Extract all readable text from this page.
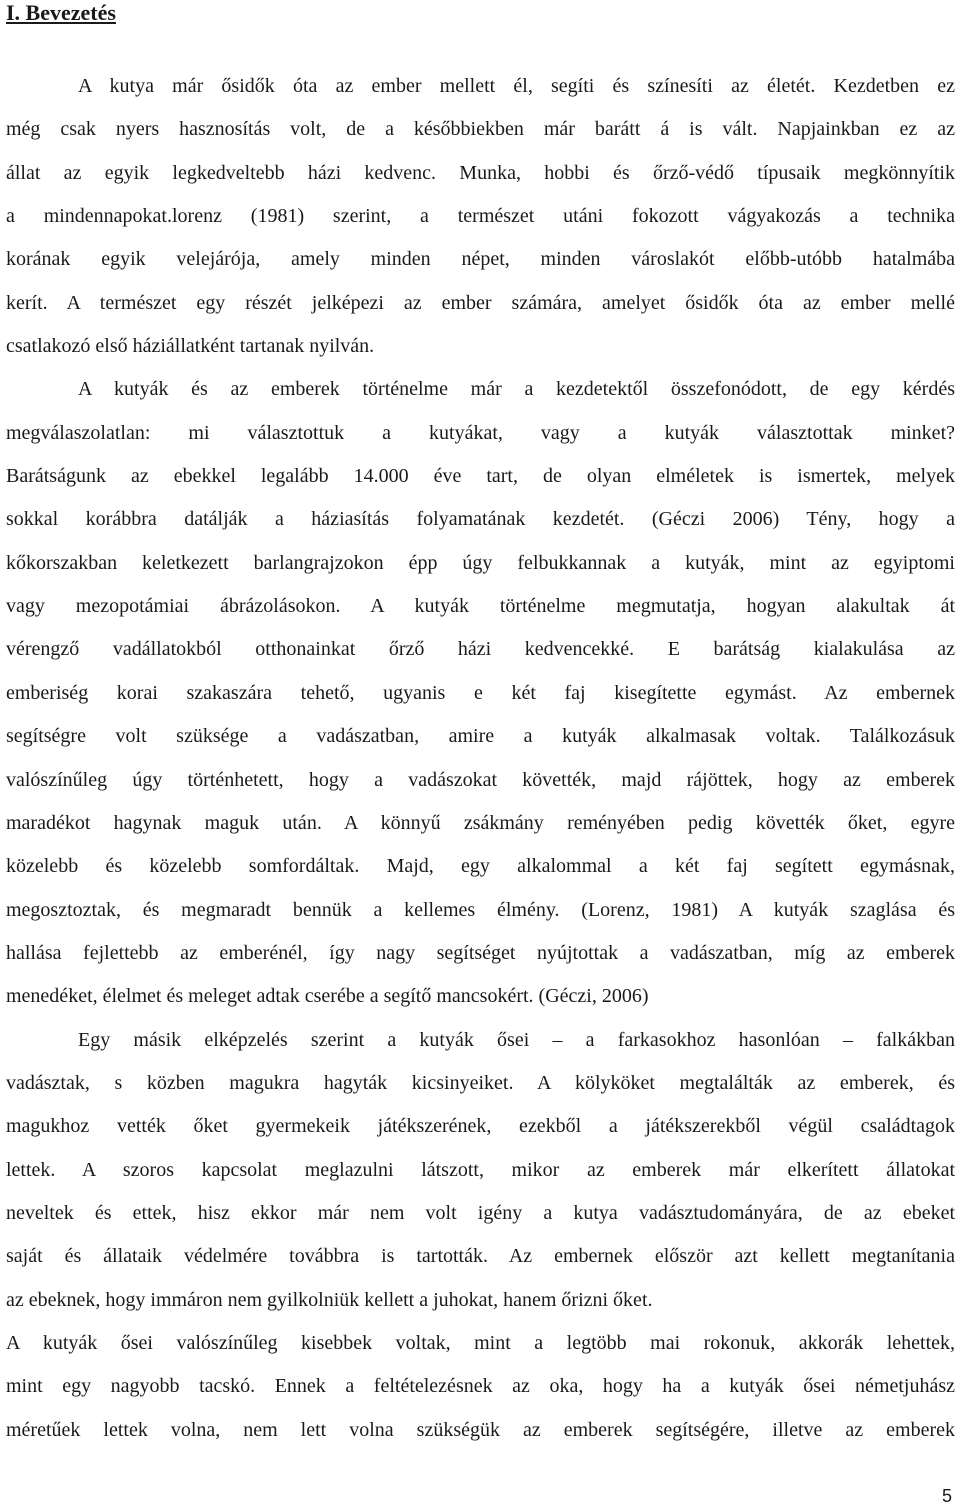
I. Bevezetés
A kutya már ősidők óta az ember mellett él, segíti és színesíti az életét. Kezdetben ez
még csak nyers hasznosítás volt, de a későbbiekben már barátt á is vált. Napjainkban ez az
állat az egyik legkedveltebb házi kedvenc. Munka, hobbi és őrző-védő típusaik megkönnyítik
a mindennapokat.lorenz (1981) szerint, a természet utáni fokozott vágyakozás a technika
korának egyik velejárója, amely minden népet, minden városlakót előbb-utóbb hatalmába
kerít. A természet egy részét jelképezi az ember számára, amelyet ősidők óta az ember mellé
csatlakozó első háziállatként tartanak nyilván.
A kutyák és az emberek történelme már a kezdetektől összefonódott, de egy kérdés
megválaszolatlan: mi választottuk a kutyákat, vagy a kutyák választottak minket?
Barátságunk az ebekkel legalább 14.000 éve tart, de olyan elméletek is ismertek, melyek
sokkal korábbra datálják a háziasítás folyamatának kezdetét. (Géczi 2006) Tény, hogy a
kőkorszakban keletkezett barlangrajzokon épp úgy felbukkannak a kutyák, mint az egyiptomi
vagy mezopotámiai ábrázolásokon. A kutyák történelme megmutatja, hogyan alakultak át
vérengző vadállatokból otthonainkat őrző házi kedvencekké. E barátság kialakulása az
emberiség korai szakaszára tehető, ugyanis e két faj kisegítette egymást. Az embernek
segítségre volt szüksége a vadászatban, amire a kutyák alkalmasak voltak. Találkozásuk
valószínűleg úgy történhetett, hogy a vadászokat követték, majd rájöttek, hogy az emberek
maradékot hagynak maguk után. A könnyű zsákmány reményében pedig követték őket, egyre
közelebb és közelebb somfordáltak. Majd, egy alkalommal a két faj segített egymásnak,
megosztoztak, és megmaradt bennük a kellemes élmény. (Lorenz, 1981) A kutyák szaglása és
hallása fejlettebb az emberénél, így nagy segítséget nyújtottak a vadászatban, míg az emberek
menedéket, élelmet és meleget adtak cserébe a segítő mancsokért. (Géczi, 2006)
Egy másik elképzelés szerint a kutyák ősei – a farkasokhoz hasonlóan – falkákban
vadásztak, s közben magukra hagyták kicsinyeiket. A kölyköket megtalálták az emberek, és
magukhoz vették őket gyermekeik játékszerének, ezekből a játékszerekből végül családtagok
lettek. A szoros kapcsolat meglazulni látszott, mikor az emberek már elkerített állatokat
neveltek és ettek, hisz ekkor már nem volt igény a kutya vadásztudományára, de az ebeket
saját és állataik védelmére továbbra is tartották. Az embernek először azt kellett megtanítania
az ebeknek, hogy immáron nem gyilkolniük kellett a juhokat, hanem őrizni őket.
A kutyák ősei valószínűleg kisebbek voltak, mint a legtöbb mai rokonuk, akkorák lehettek,
mint egy nagyobb tacskó. Ennek a feltételezésnek az oka, hogy ha a kutyák ősei németjuhász
méretűek lettek volna, nem lett volna szükségük az emberek segítségére, illetve az emberek
5
